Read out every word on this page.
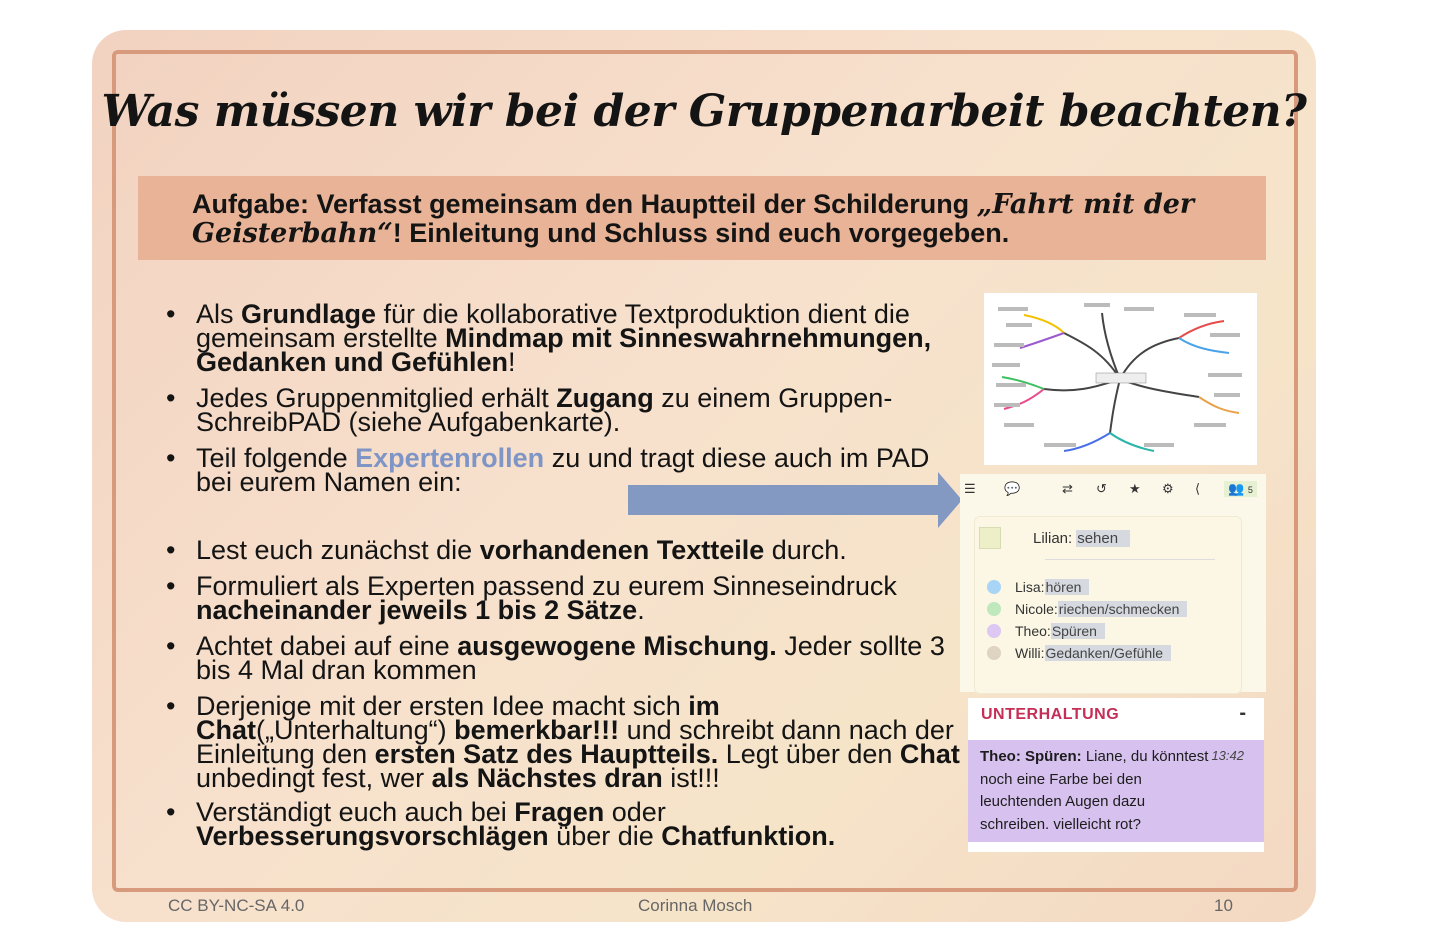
Was müssen wir bei der Gruppenarbeit beachten?
Aufgabe: Verfasst gemeinsam den Hauptteil der Schilderung „Fahrt mit der Geisterbahn“! Einleitung und Schluss sind euch vorgegeben.
• Als Grundlage für die kollaborative Textproduktion dient die gemeinsam erstellte Mindmap mit Sinneswahrnehmungen, Gedanken und Gefühlen!
• Jedes Gruppenmitglied erhält Zugang zu einem Gruppen-SchreibPAD (siehe Aufgabenkarte).
• Teil folgende Expertenrollen zu und tragt diese auch im PAD bei eurem Namen ein:
• Lest euch zunächst die vorhandenen Textteile durch.
• Formuliert als Experten passend zu eurem Sinneseindruck nacheinander jeweils 1 bis 2 Sätze.
• Achtet dabei auf eine ausgewogene Mischung. Jeder sollte 3 bis 4 Mal dran kommen
• Derjenige mit der ersten Idee macht sich im Chat(„Unterhaltung“) bemerkbar!!! und schreibt dann nach der Einleitung den ersten Satz des Hauptteils. Legt über den Chat unbedingt fest, wer als Nächstes dran ist!!!
• Verständigt euch auch bei Fragen oder Verbesserungsvorschlägen über die Chatfunktion.
☰ 💬	⇄ ↺ ★ ⚙ ⟨	👥 5
Lilian: sehen
Lisa: hören
Nicole: riechen/schmecken
Theo: Spüren
Willi: Gedanken/Gefühle
UNTERHALTUNG	-
Theo: Spüren: Liane, du könntest noch eine Farbe bei den leuchtenden Augen dazu schreiben. vielleicht rot?
13:42
CC BY-NC-SA 4.0	Corinna Mosch	10
